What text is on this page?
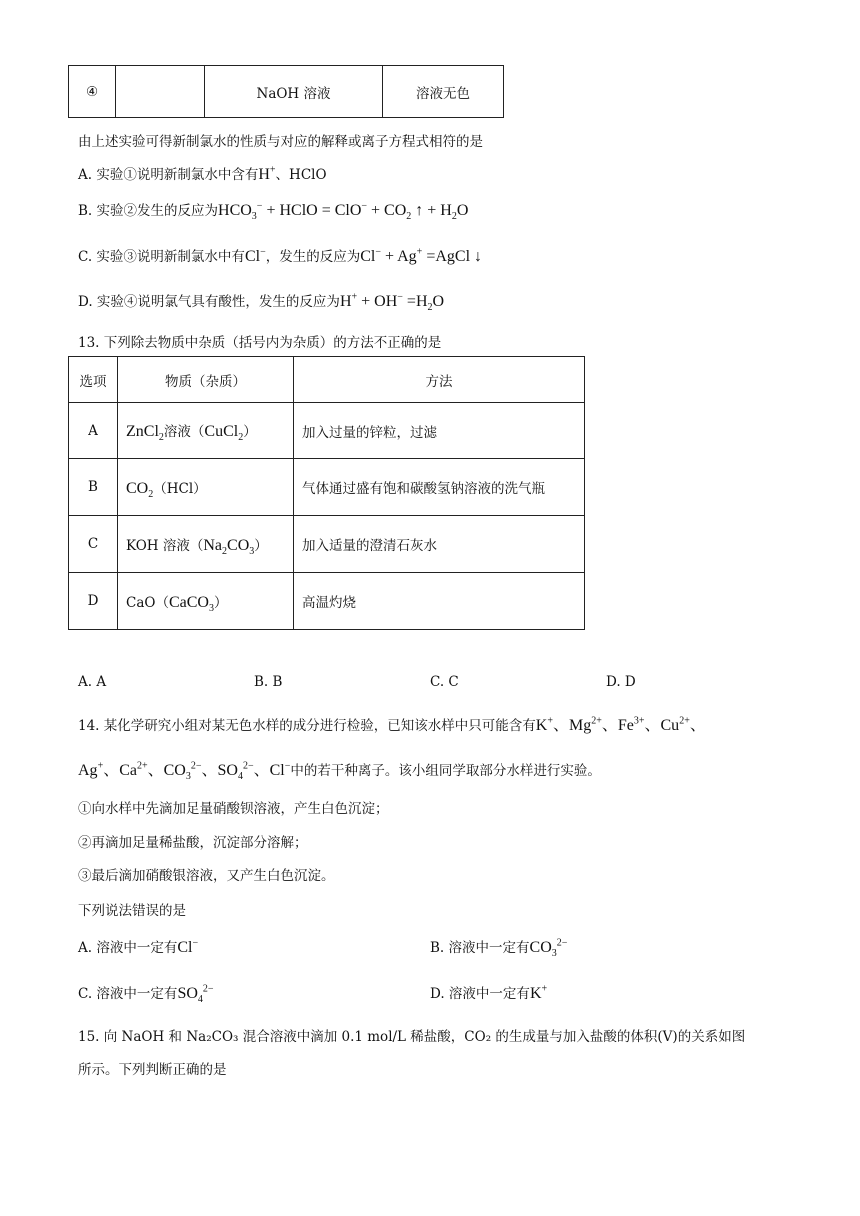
④		NaOH 溶液	溶液无色
由上述实验可得新制氯水的性质与对应的解释或离子方程式相符的是
A. 实验①说明新制氯水中含有H+、HClO
B. 实验②发生的反应为$HCO_3^-$ + HClO = $ClO^- + CO_2$ ↑ + $H_2O$
C. 实验③说明新制氯水中有Cl−，发生的反应为Cl− + Ag+ =AgCl ↓
D. 实验④说明氯气具有酸性，发生的反应为$H^+ + OH^- =H_2O$
13. 下列除去物质中杂质（括号内为杂质）的方法不正确的是
选项	物质（杂质）	方法
A	ZnCl$_2$溶液（CuCl$_2$）	加入过量的锌粒，过滤
B	$CO_2(HCl)$	气体通过盛有饱和碳酸氢钠溶液的洗气瓶
C	KOH 溶液$(Na_2CO_3)$	加入适量的澄清石灰水
D	CaO（CaCO$_3$）	高温灼烧
A. A	B. B	C. C	D. D
14. 某化学研究小组对某无色水样的成分进行检验，已知该水样中只可能含有K+、$Mg^{2+}$、$Fe^{3+}$、$Cu^{2+}$、
Ag+、$Ca^{2+}$、$CO_3^{2-}$、$SO_4^{2-}$、Cl−中的若干种离子。该小组同学取部分水样进行实验。
①向水样中先滴加足量硝酸钡溶液，产生白色沉淀；
②再滴加足量稀盐酸，沉淀部分溶解；
③最后滴加硝酸银溶液，又产生白色沉淀。
下列说法错误的是
A. 溶液中一定有Cl−	B. 溶液中一定有$CO_3^{2-}$
C. 溶液中一定有$SO_4^{2-}$	D. 溶液中一定有K+
15. 向 NaOH 和 Na₂CO₃ 混合溶液中滴加 0.1 mol/L 稀盐酸，CO₂ 的生成量与加入盐酸的体积(V)的关系如图
所示。下列判断正确的是
